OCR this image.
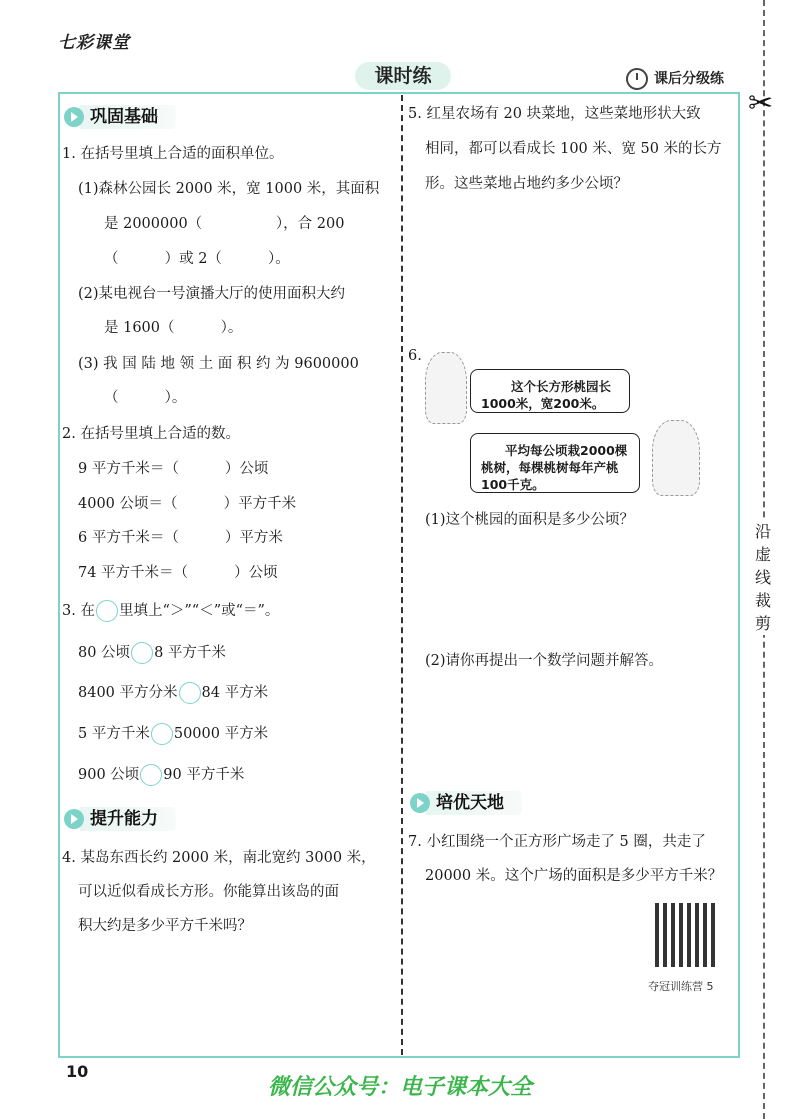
七彩课堂
课时练	课后分级练
✂
沿
虚
线
裁
剪
巩固基础
1. 在括号里填上合适的面积单位。
(1)森林公园长 2000 米，宽 1000 米，其面积
是 2000000（                ），合 200
（          ）或 2（          ）。
(2)某电视台一号演播大厅的使用面积大约
是 1600（          ）。
(3) 我 国 陆 地 领 土 面 积 约 为 9600000
（          ）。
2. 在括号里填上合适的数。
9 平方千米＝（          ）公顷
4000 公顷＝（          ）平方千米
6 平方千米＝（          ）平方米
74 平方千米＝（          ）公顷
3. 在 里填上“＞”“＜”或“＝”。
80 公顷 8 平方千米
8400 平方分米 84 平方米
5 平方千米 50000 平方米
900 公顷 90 平方千米
提升能力
4. 某岛东西长约 2000 米，南北宽约 3000 米，
可以近似看成长方形。你能算出该岛的面
积大约是多少平方千米吗？
5. 红星农场有 20 块菜地，这些菜地形状大致
相同，都可以看成长 100 米、宽 50 米的长方
形。这些菜地占地约多少公顷？
6.
这个长方形桃园长
1000米，宽200米。
平均每公顷栽2000棵
桃树，每棵桃树每年产桃
100千克。
(1)这个桃园的面积是多少公顷？
(2)请你再提出一个数学问题并解答。
培优天地
7. 小红围绕一个正方形广场走了 5 圈，共走了
20000 米。这个广场的面积是多少平方千米？
夺冠训练营 5
10
微信公众号：电子课本大全
